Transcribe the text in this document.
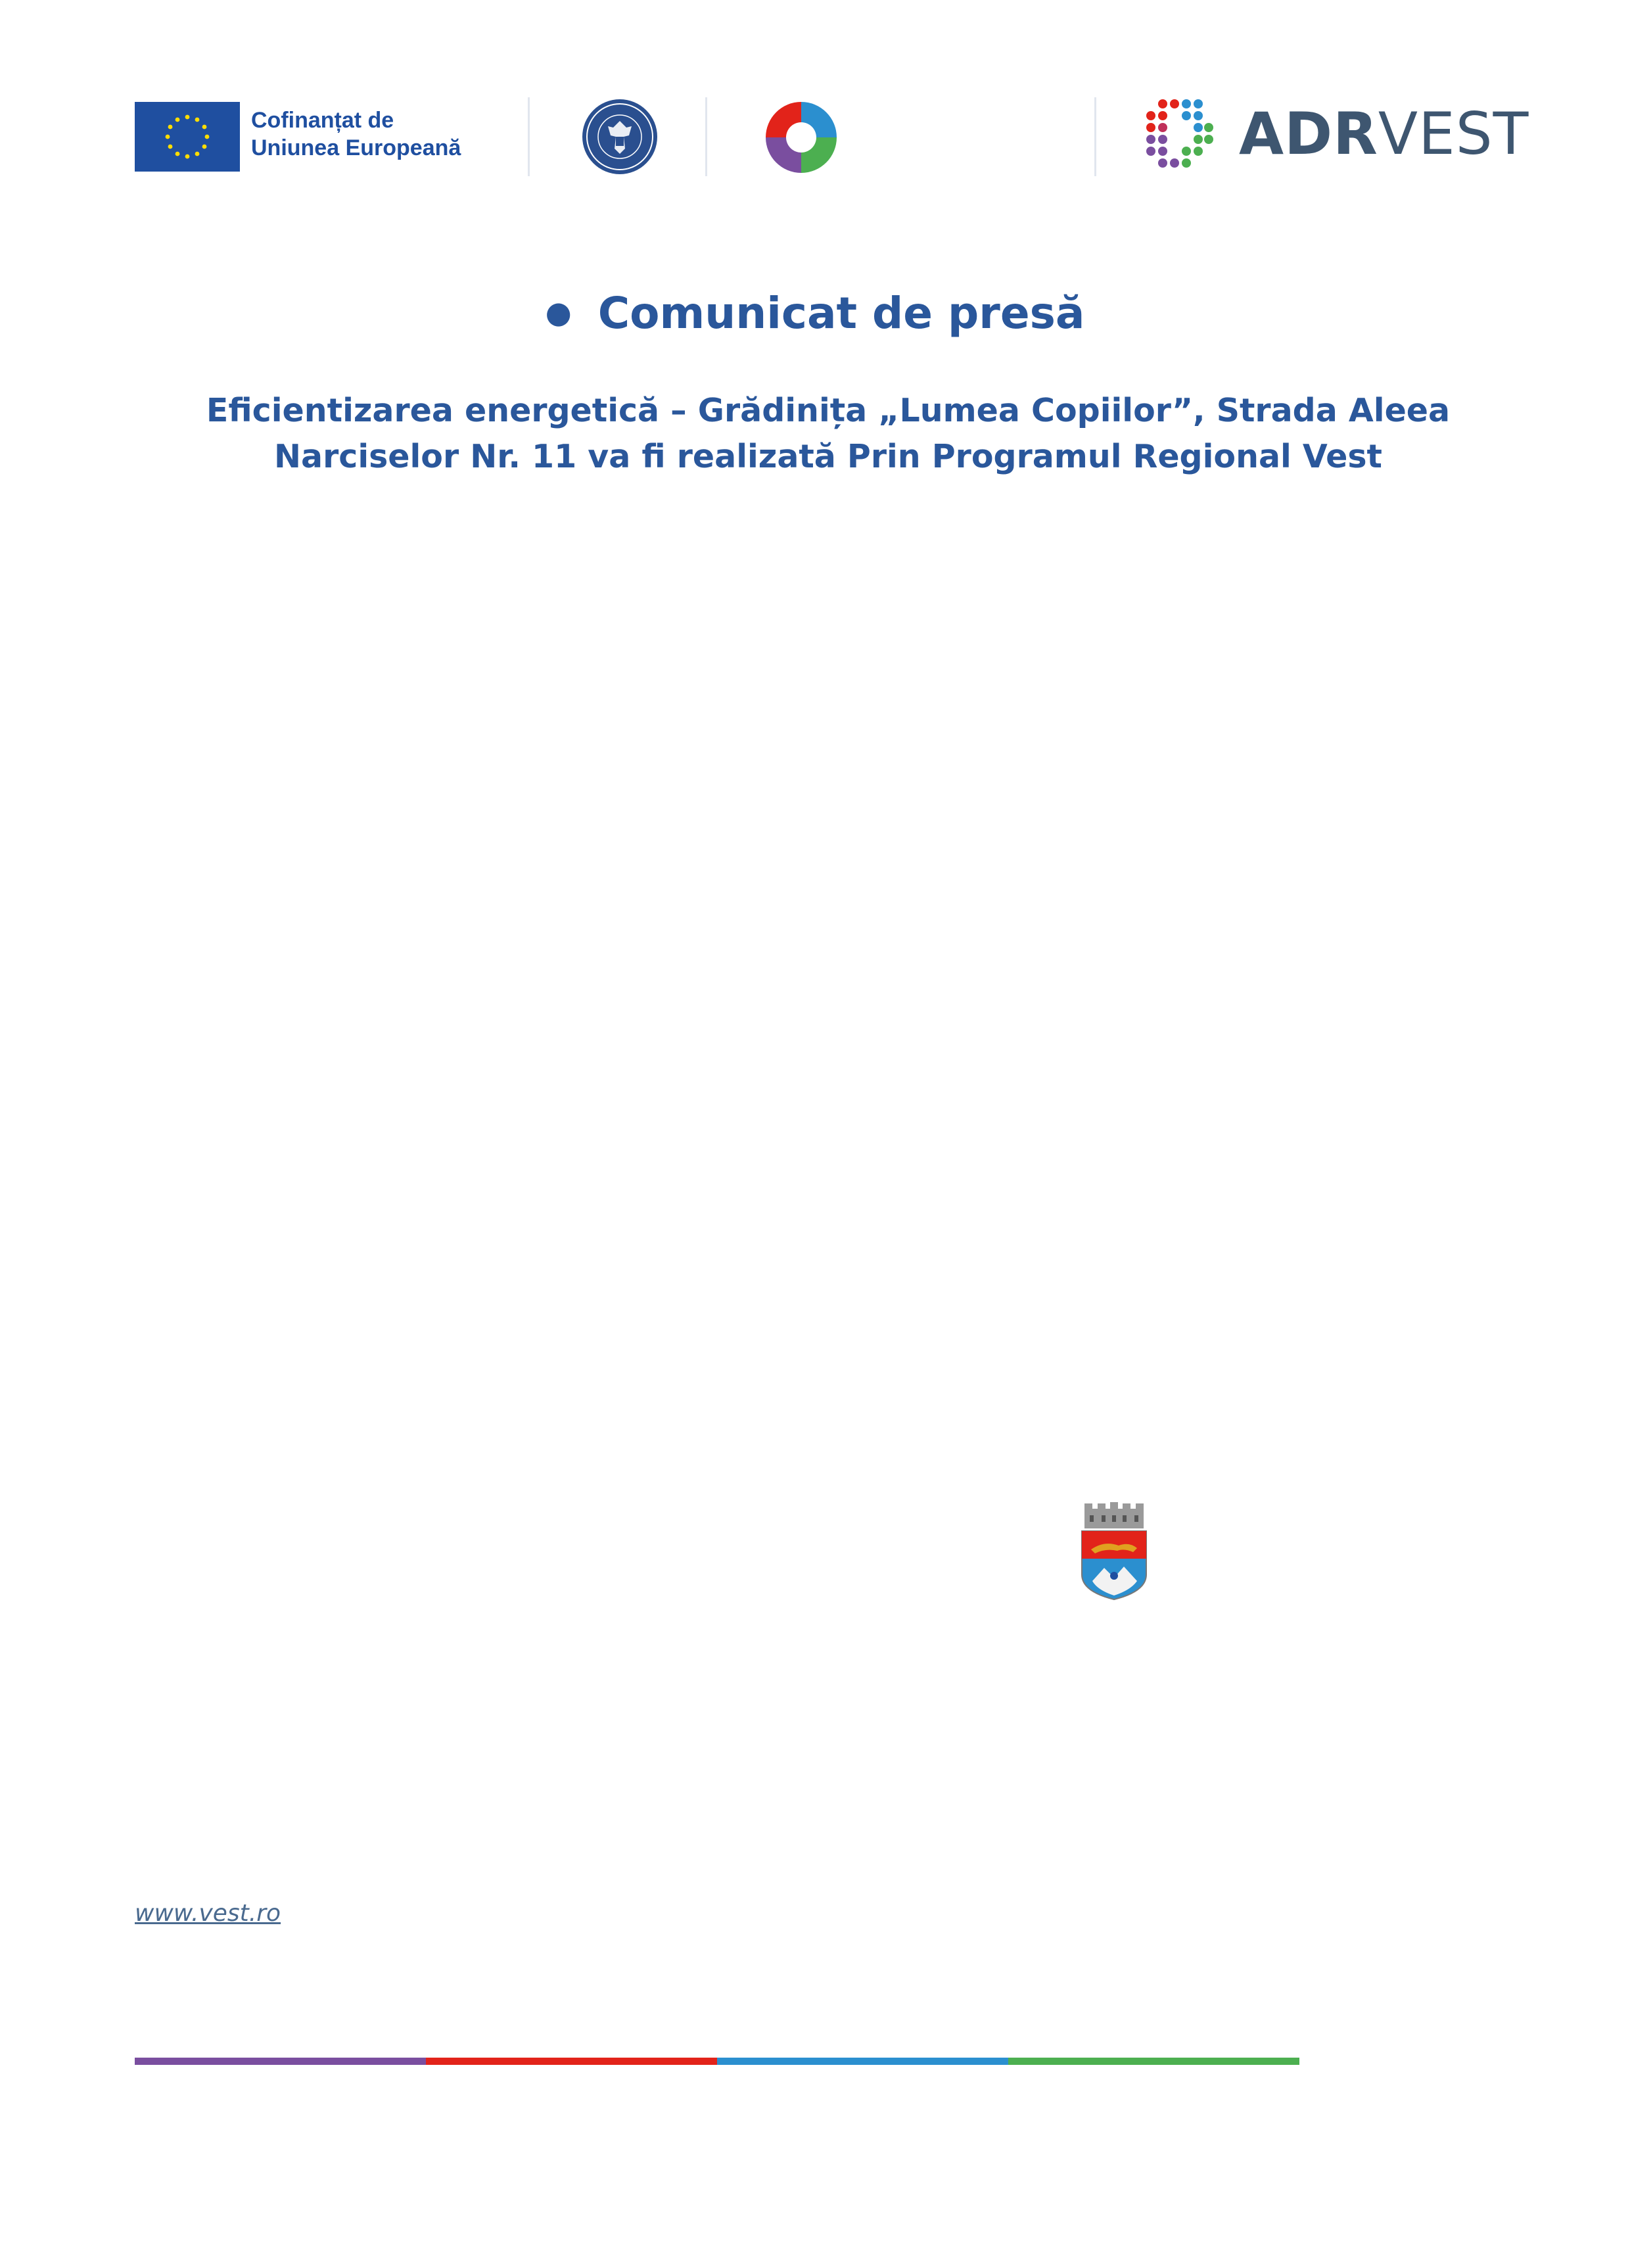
Cofinanțat de
Uniunea Europeană	ADRVEST
● Comunicat de presă
Eficientizarea energetică – Grădinița „Lumea Copiilor”, Strada Aleea
Narciselor Nr. 11 va fi realizată Prin Programul Regional Vest
www.vest.ro
